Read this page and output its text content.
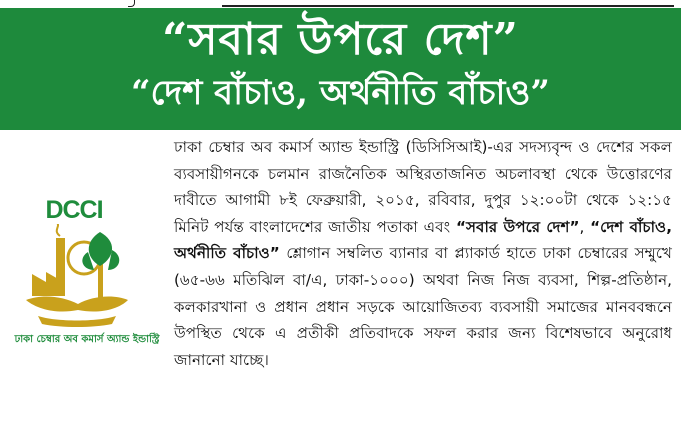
“সবার উপরে দেশ”
“দেশ বাঁচাও, অর্থনীতি বাঁচাও”
DCCI
ঢাকা চেম্বার অব কমার্স অ্যান্ড ইন্ডাস্ট্রি
ঢাকা চেম্বার অব কমার্স অ্যান্ড ইন্ডাস্ট্রি (ডিসিসিআই)-এর সদস্যবৃন্দ ও দেশের সকল ব্যবসায়ীগনকে চলমান রাজনৈতিক অস্থিরতাজনিত অচলাবস্থা থেকে উত্তোরণের দাবীতে আগামী ৮ই ফেব্রুয়ারী, ২০১৫, রবিবার, দুপুর ১২:০০টা থেকে ১২:১৫ মিনিট পর্যন্ত বাংলাদেশের জাতীয় পতাকা এবং “সবার উপরে দেশ”, “দেশ বাঁচাও, অর্থনীতি বাঁচাও” শ্লোগান সম্বলিত ব্যানার বা প্ল্যাকার্ড হাতে ঢাকা চেম্বারের সম্মুখে (৬৫-৬৬ মতিঝিল বা/এ, ঢাকা-১০০০) অথবা নিজ নিজ ব্যবসা, শিল্প-প্রতিষ্ঠান, কলকারখানা ও প্রধান প্রধান সড়কে আয়োজিতব্য ব্যবসায়ী সমাজের মানববন্ধনে উপস্থিত থেকে এ প্রতীকী প্রতিবাদকে সফল করার জন্য বিশেষভাবে অনুরোধ জানানো যাচ্ছে।
